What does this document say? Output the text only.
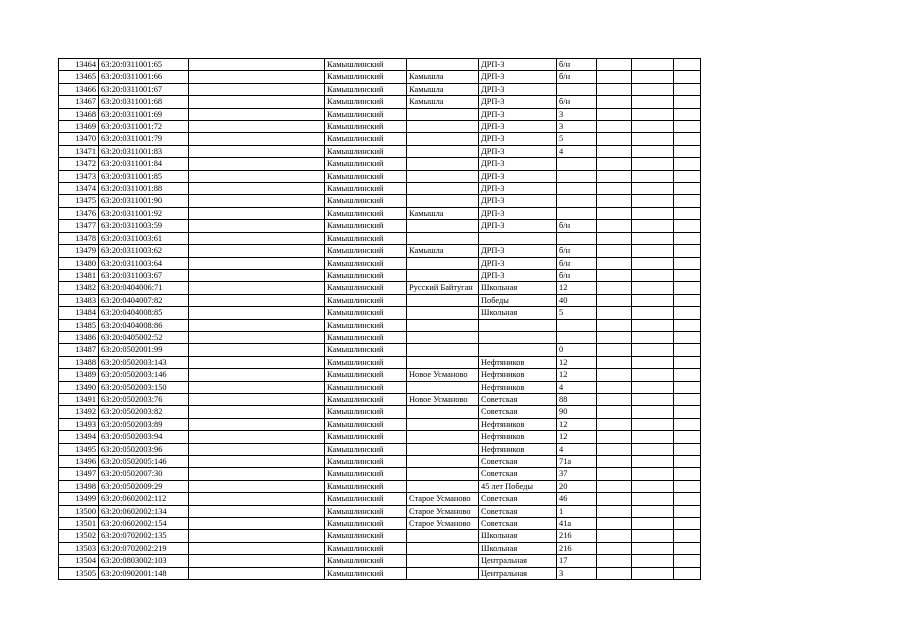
13464	63:20:0311001:65		Камышлинский		ДРП-3	б/н			
13465	63:20:0311001:66		Камышлинский	Камышла	ДРП-3	б/н			
13466	63:20:0311001:67		Камышлинский	Камышла	ДРП-3				
13467	63:20:0311001:68		Камышлинский	Камышла	ДРП-3	б/н			
13468	63:20:0311001:69		Камышлинский		ДРП-3	3			
13469	63:20:0311001:72		Камышлинский		ДРП-3	3			
13470	63:20:0311001:79		Камышлинский		ДРП-3	5			
13471	63:20:0311001:83		Камышлинский		ДРП-3	4			
13472	63:20:0311001:84		Камышлинский		ДРП-3				
13473	63:20:0311001:85		Камышлинский		ДРП-3				
13474	63:20:0311001:88		Камышлинский		ДРП-3				
13475	63:20:0311001:90		Камышлинский		ДРП-3				
13476	63:20:0311001:92		Камышлинский	Камышла	ДРП-3				
13477	63:20:0311003:59		Камышлинский		ДРП-3	б/н			
13478	63:20:0311003:61		Камышлинский						
13479	63:20:0311003:62		Камышлинский	Камышла	ДРП-3	б/н			
13480	63:20:0311003:64		Камышлинский		ДРП-3	б/н			
13481	63:20:0311003:67		Камышлинский		ДРП-3	б/н			
13482	63:20:0404006:71		Камышлинский	Русский Байтуган	Школьная	12			
13483	63:20:0404007:82		Камышлинский		Победы	40			
13484	63:20:0404008:85		Камышлинский		Школьная	5			
13485	63:20:0404008:86		Камышлинский						
13486	63:20:0405002:52		Камышлинский						
13487	63:20:0502001:99		Камышлинский			0			
13488	63:20:0502003:143		Камышлинский		Нефтяников	12			
13489	63:20:0502003:146		Камышлинский	Новое Усманово	Нефтяников	12			
13490	63:20:0502003:150		Камышлинский		Нефтяников	4			
13491	63:20:0502003:76		Камышлинский	Новое Усманово	Советская	88			
13492	63:20:0502003:82		Камышлинский		Советская	90			
13493	63:20:0502003:89		Камышлинский		Нефтяников	12			
13494	63:20:0502003:94		Камышлинский		Нефтяников	12			
13495	63:20:0502003:96		Камышлинский		Нефтяников	4			
13496	63:20:0502005:146		Камышлинский		Советская	71а			
13497	63:20:0502007:30		Камышлинский		Советская	37			
13498	63:20:0502009:29		Камышлинский		45 лет Победы	20			
13499	63:20:0602002:112		Камышлинский	Старое Усманово	Советская	46			
13500	63:20:0602002:134		Камышлинский	Старое Усманово	Советская	1			
13501	63:20:0602002:154		Камышлинский	Старое Усманово	Советская	41а			
13502	63:20:0702002:135		Камышлинский		Школьная	216			
13503	63:20:0702002:219		Камышлинский		Школьная	216			
13504	63:20:0803002:103		Камышлинский		Центральная	17			
13505	63:20:0902001:148		Камышлинский		Центральная	3			
